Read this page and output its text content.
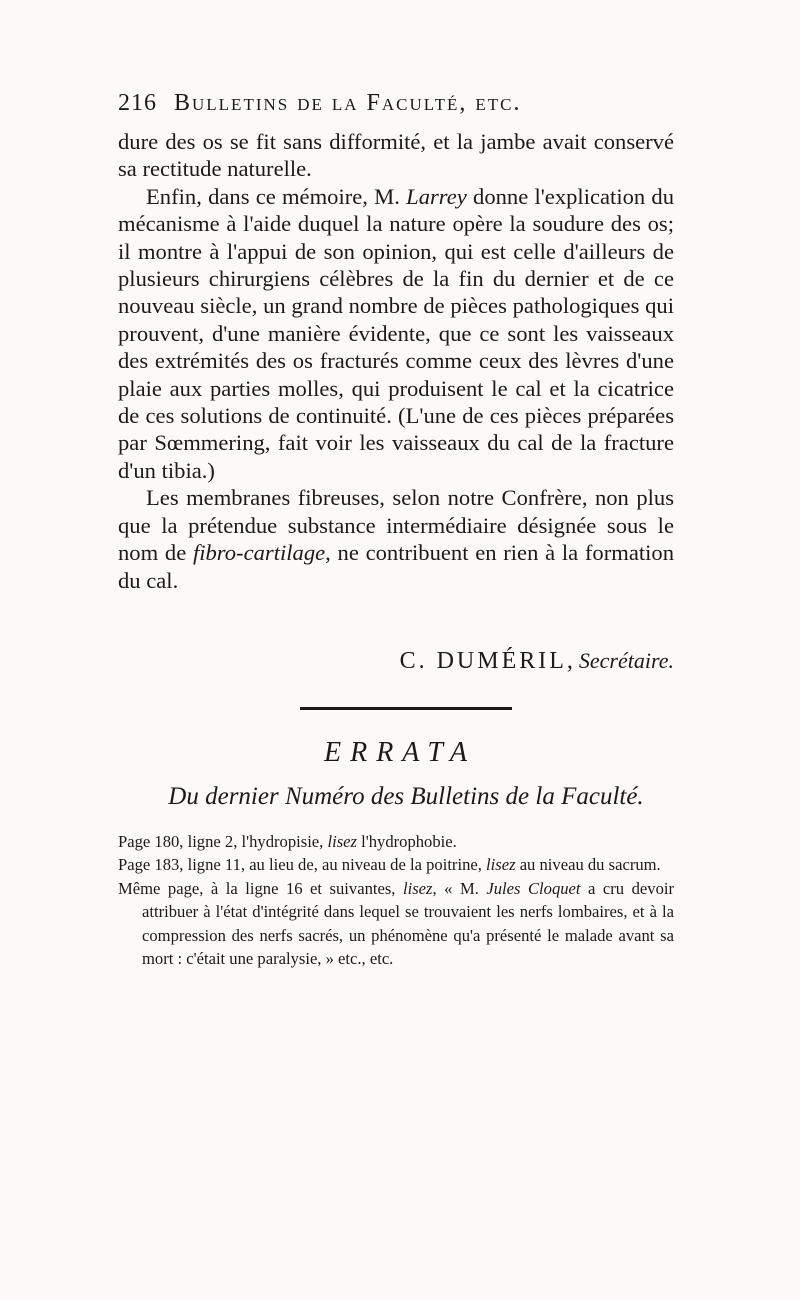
216 Bulletins de la Faculté, etc.

dure des os se fit sans difformité, et la jambe avait conservé sa rectitude naturelle.

Enfin, dans ce mémoire, M. Larrey donne l'explication du mécanisme à l'aide duquel la nature opère la soudure des os; il montre à l'appui de son opinion, qui est celle d'ailleurs de plusieurs chirurgiens célèbres de la fin du dernier et de ce nouveau siècle, un grand nombre de pièces pathologiques qui prouvent, d'une manière évidente, que ce sont les vaisseaux des extrémités des os fracturés comme ceux des lèvres d'une plaie aux parties molles, qui produisent le cal et la cicatrice de ces solutions de continuité. (L'une de ces pièces préparées par Sœmmering, fait voir les vaisseaux du cal de la fracture d'un tibia.)

Les membranes fibreuses, selon notre Confrère, non plus que la prétendue substance intermédiaire désignée sous le nom de fibro-cartilage, ne contribuent en rien à la formation du cal.

C. DUMÉRIL, Secrétaire.
ERRATA
Du dernier Numéro des Bulletins de la Faculté.

Page 180, ligne 2, l'hydropisie, lisez l'hydrophobie.

Page 183, ligne 11, au lieu de, au niveau de la poitrine, lisez au niveau du sacrum.

Même page, à la ligne 16 et suivantes, lisez, « M. Jules Cloquet a cru devoir attribuer à l'état d'intégrité dans lequel se trouvaient les nerfs lombaires, et à la compression des nerfs sacrés, un phénomène qu'a présenté le malade avant sa mort : c'était une paralysie, » etc., etc.
